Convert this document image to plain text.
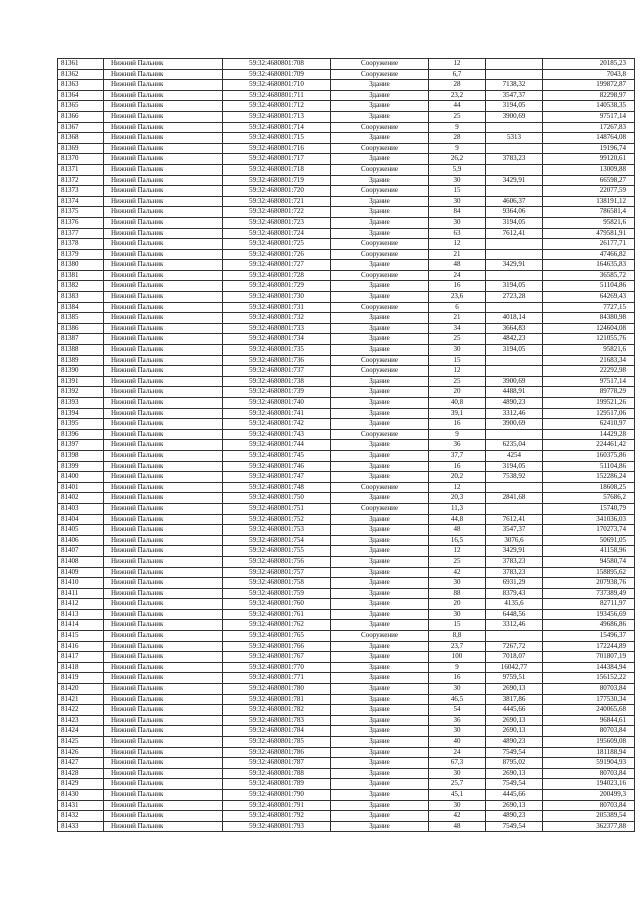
81361	Нижний Пальник	59:32:4680801:708	Сооружение	12		20185,23
81362	Нижний Пальник	59:32:4680801:709	Сооружение	6,7		7043,8
81363	Нижний Пальник	59:32:4680801:710	Здание	28	7138,32	199872,87
81364	Нижний Пальник	59:32:4680801:711	Здание	23,2	3547,37	82298,97
81365	Нижний Пальник	59:32:4680801:712	Здание	44	3194,05	140538,35
81366	Нижний Пальник	59:32:4680801:713	Здание	25	3900,69	97517,14
81367	Нижний Пальник	59:32:4680801:714	Сооружение	9		17267,83
81368	Нижний Пальник	59:32:4680801:715	Здание	28	5313	148764,08
81369	Нижний Пальник	59:32:4680801:716	Сооружение	9		19196,74
81370	Нижний Пальник	59:32:4680801:717	Здание	26,2	3783,23	99120,61
81371	Нижний Пальник	59:32:4680801:718	Сооружение	5,9		13009,88
81372	Нижний Пальник	59:32:4680801:719	Здание	30	3429,91	66598,27
81373	Нижний Пальник	59:32:4680801:720	Сооружение	15		22077,59
81374	Нижний Пальник	59:32:4680801:721	Здание	30	4606,37	138191,12
81375	Нижний Пальник	59:32:4680801:722	Здание	84	9364,06	786581,4
81376	Нижний Пальник	59:32:4680801:723	Здание	30	3194,05	95821,6
81377	Нижний Пальник	59:32:4680801:724	Здание	63	7612,41	479581,91
81378	Нижний Пальник	59:32:4680801:725	Сооружение	12		26177,71
81379	Нижний Пальник	59:32:4680801:726	Сооружение	21		47466,82
81380	Нижний Пальник	59:32:4680801:727	Здание	48	3429,91	164635,83
81381	Нижний Пальник	59:32:4680801:728	Сооружение	24		36585,72
81382	Нижний Пальник	59:32:4680801:729	Здание	16	3194,05	51104,86
81383	Нижний Пальник	59:32:4680801:730	Здание	23,6	2723,28	64269,43
81384	Нижний Пальник	59:32:4680801:731	Сооружение	6		7727,15
81385	Нижний Пальник	59:32:4680801:732	Здание	21	4018,14	84380,98
81386	Нижний Пальник	59:32:4680801:733	Здание	34	3664,83	124604,08
81387	Нижний Пальник	59:32:4680801:734	Здание	25	4842,23	121055,76
81388	Нижний Пальник	59:32:4680801:735	Здание	30	3194,05	95821,6
81389	Нижний Пальник	59:32:4680801:736	Сооружение	15		21683,34
81390	Нижний Пальник	59:32:4680801:737	Сооружение	12		22292,98
81391	Нижний Пальник	59:32:4680801:738	Здание	25	3900,69	97517,14
81392	Нижний Пальник	59:32:4680801:739	Здание	20	4488,91	89778,29
81393	Нижний Пальник	59:32:4680801:740	Здание	40,8	4890,23	199521,26
81394	Нижний Пальник	59:32:4680801:741	Здание	39,1	3312,46	129517,06
81395	Нижний Пальник	59:32:4680801:742	Здание	16	3900,69	62410,97
81396	Нижний Пальник	59:32:4680801:743	Сооружение	9		14429,28
81397	Нижний Пальник	59:32:4680801:744	Здание	36	6235,04	224461,42
81398	Нижний Пальник	59:32:4680801:745	Здание	37,7	4254	160375,86
81399	Нижний Пальник	59:32:4680801:746	Здание	16	3194,05	51104,86
81400	Нижний Пальник	59:32:4680801:747	Здание	20,2	7538,92	152286,24
81401	Нижний Пальник	59:32:4680801:748	Сооружение	12		18608,25
81402	Нижний Пальник	59:32:4680801:750	Здание	20,3	2841,68	57686,2
81403	Нижний Пальник	59:32:4680801:751	Сооружение	11,3		15740,79
81404	Нижний Пальник	59:32:4680801:752	Здание	44,8	7612,41	341036,03
81405	Нижний Пальник	59:32:4680801:753	Здание	48	3547,37	170273,74
81406	Нижний Пальник	59:32:4680801:754	Здание	16,5	3076,6	50691,05
81407	Нижний Пальник	59:32:4680801:755	Здание	12	3429,91	41158,96
81408	Нижний Пальник	59:32:4680801:756	Здание	25	3783,23	94580,74
81409	Нижний Пальник	59:32:4680801:757	Здание	42	3783,23	158895,62
81410	Нижний Пальник	59:32:4680801:758	Здание	30	6931,29	207938,76
81411	Нижний Пальник	59:32:4680801:759	Здание	88	8379,43	737389,49
81412	Нижний Пальник	59:32:4680801:760	Здание	20	4135,6	82711,97
81413	Нижний Пальник	59:32:4680801:761	Здание	30	6448,56	193456,69
81414	Нижний Пальник	59:32:4680801:762	Здание	15	3312,46	49686,86
81415	Нижний Пальник	59:32:4680801:765	Сооружение	8,8		15496,37
81416	Нижний Пальник	59:32:4680801:766	Здание	23,7	7267,72	172244,89
81417	Нижний Пальник	59:32:4680801:767	Здание	100	7018,07	701807,19
81418	Нижний Пальник	59:32:4680801:770	Здание	9	16042,77	144384,94
81419	Нижний Пальник	59:32:4680801:771	Здание	16	9759,51	156152,22
81420	Нижний Пальник	59:32:4680801:780	Здание	30	2690,13	80703,84
81421	Нижний Пальник	59:32:4680801:781	Здание	46,5	3817,86	177530,34
81422	Нижний Пальник	59:32:4680801:782	Здание	54	4445,66	240065,68
81423	Нижний Пальник	59:32:4680801:783	Здание	36	2690,13	96844,61
81424	Нижний Пальник	59:32:4680801:784	Здание	30	2690,13	80703,84
81425	Нижний Пальник	59:32:4680801:785	Здание	40	4890,23	195609,08
81426	Нижний Пальник	59:32:4680801:786	Здание	24	7549,54	181188,94
81427	Нижний Пальник	59:32:4680801:787	Здание	67,3	8795,02	591904,93
81428	Нижний Пальник	59:32:4680801:788	Здание	30	2690,13	80703,84
81429	Нижний Пальник	59:32:4680801:789	Здание	25,7	7549,54	194023,16
81430	Нижний Пальник	59:32:4680801:790	Здание	45,1	4445,66	200499,3
81431	Нижний Пальник	59:32:4680801:791	Здание	30	2690,13	80703,84
81432	Нижний Пальник	59:32:4680801:792	Здание	42	4890,23	205389,54
81433	Нижний Пальник	59:32:4680801:793	Здание	48	7549,54	362377,88
